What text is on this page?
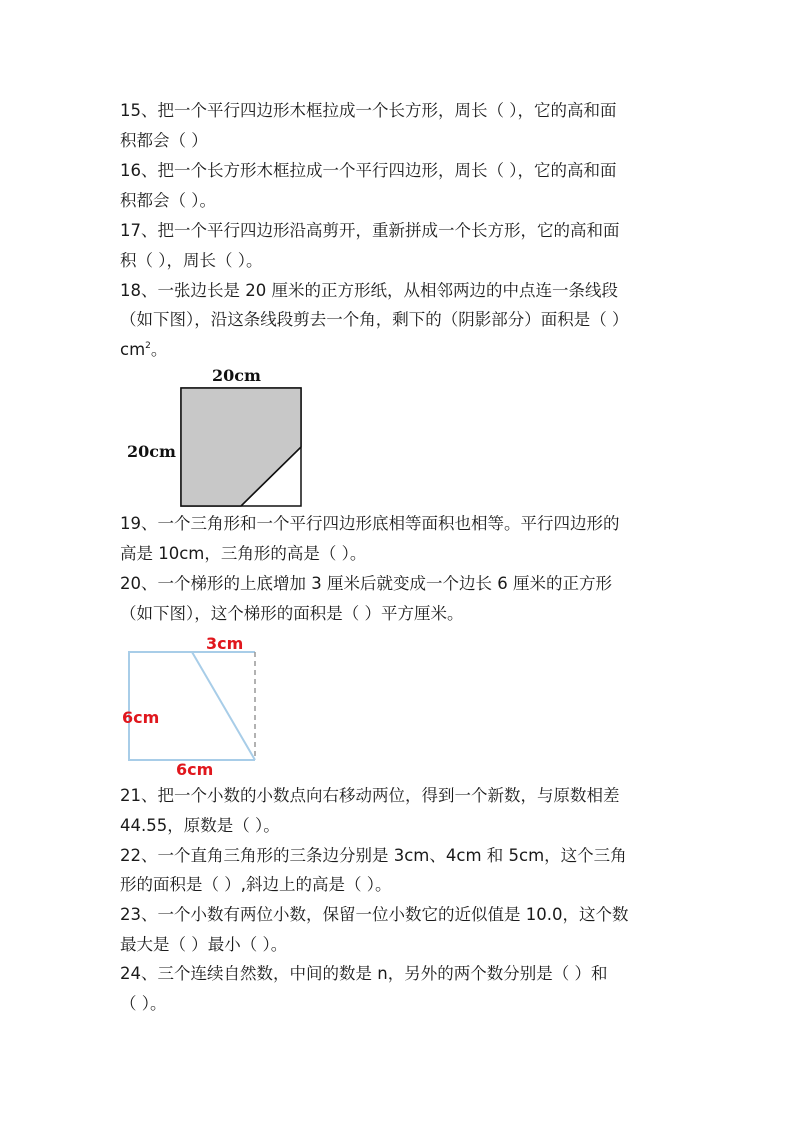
15、把一个平行四边形木框拉成一个长方形，周长（ ），它的高和面
积都会（ ）
16、把一个长方形木框拉成一个平行四边形，周长（ ），它的高和面
积都会（ ）。
17、把一个平行四边形沿高剪开，重新拼成一个长方形，它的高和面
积（ ），周长（ ）。
18、一张边长是 20 厘米的正方形纸，从相邻两边的中点连一条线段
（如下图），沿这条线段剪去一个角，剩下的（阴影部分）面积是（ ）
$cm^2$。
20cm
20cm
19、一个三角形和一个平行四边形底相等面积也相等。平行四边形的
高是 10cm，三角形的高是（ ）。
20、一个梯形的上底增加 3 厘米后就变成一个边长 6 厘米的正方形
（如下图），这个梯形的面积是（ ）平方厘米。
3cm
6cm
6cm
21、把一个小数的小数点向右移动两位，得到一个新数，与原数相差
44.55，原数是（ ）。
22、一个直角三角形的三条边分别是 3cm、4cm 和 5cm，这个三角
形的面积是（ ）,斜边上的高是（ ）。
23、一个小数有两位小数，保留一位小数它的近似值是 10.0，这个数
最大是（ ）最小（ ）。
24、三个连续自然数，中间的数是 n，另外的两个数分别是（ ）和
（ ）。
